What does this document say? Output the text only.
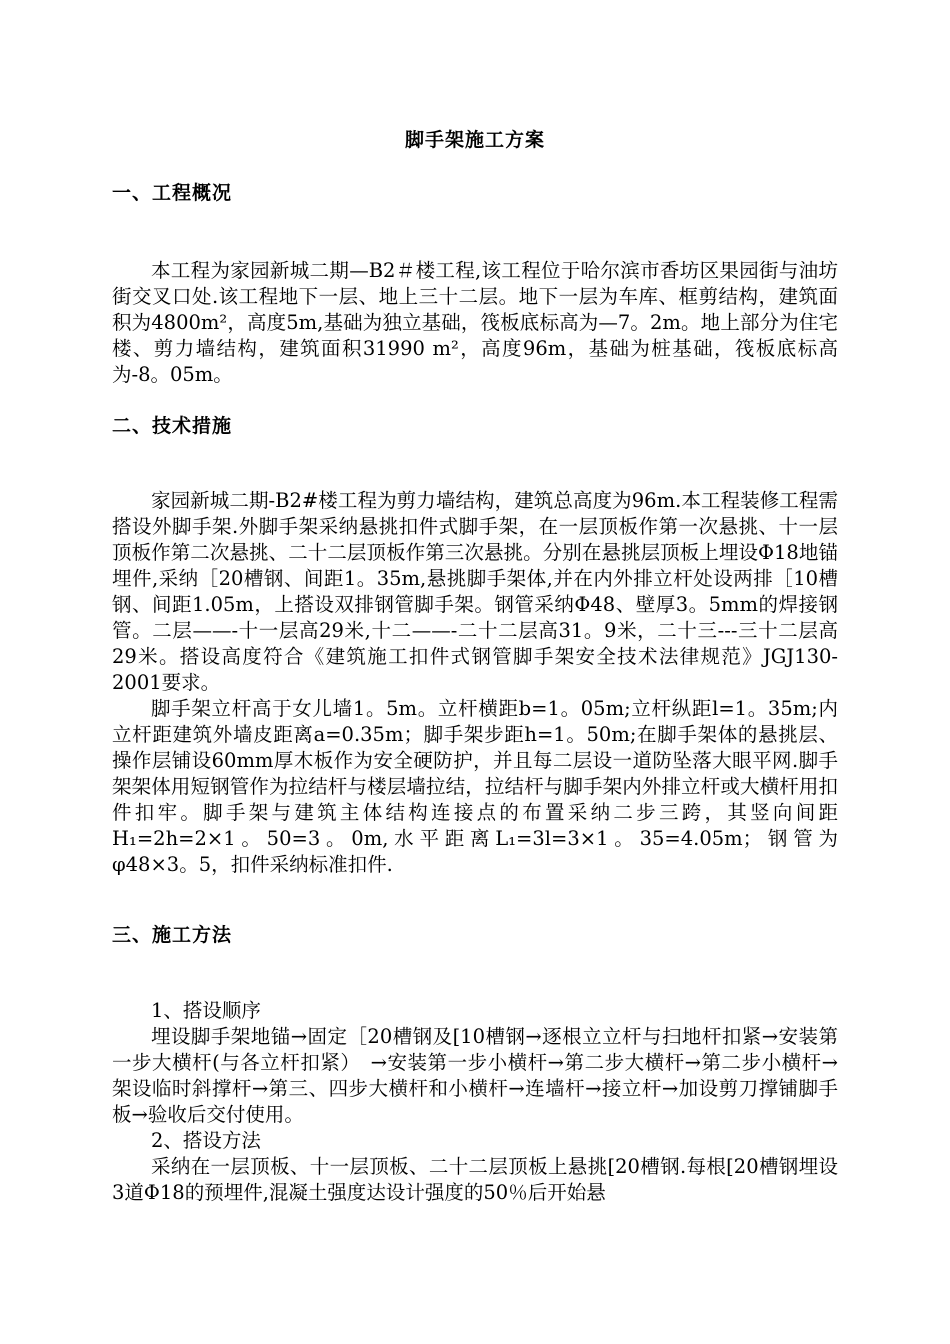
脚手架施工方案
一、工程概况

本工程为家园新城二期—B2＃楼工程,该工程位于哈尔滨市香坊区果园街与油坊街交叉口处.该工程地下一层、地上三十二层。地下一层为车库、框剪结构，建筑面积为4800m²，高度5m,基础为独立基础，筏板底标高为—7。2m。地上部分为住宅楼、剪力墙结构，建筑面积31990 m²，高度96m，基础为桩基础，筏板底标高为-8。05m。

二、技术措施

家园新城二期-B2#楼工程为剪力墙结构，建筑总高度为96m.本工程装修工程需搭设外脚手架.外脚手架采纳悬挑扣件式脚手架，在一层顶板作第一次悬挑、十一层顶板作第二次悬挑、二十二层顶板作第三次悬挑。分别在悬挑层顶板上埋设Φ18地锚埋件,采纳［20槽钢、间距1。35m,悬挑脚手架体,并在内外排立杆处设两排［10槽钢、间距1.05m，上搭设双排钢管脚手架。钢管采纳Φ48、壁厚3。5mm的焊接钢管。二层——-十一层高29米,十二——-二十二层高31。9米，二十三---三十二层高29米。搭设高度符合《建筑施工扣件式钢管脚手架安全技术法律规范》JGJ130-2001要求。

脚手架立杆高于女儿墙1。5m。立杆横距b=1。05m;立杆纵距l=1。35m;内立杆距建筑外墙皮距离a=0.35m；脚手架步距h=1。50m;在脚手架体的悬挑层、操作层铺设60mm厚木板作为安全硬防护，并且每二层设一道防坠落大眼平网.脚手架架体用短钢管作为拉结杆与楼层墙拉结，拉结杆与脚手架内外排立杆或大横杆用扣件扣牢。脚手架与建筑主体结构连接点的布置采纳二步三跨，其竖向间距H₁=2h=2×1。50=3。0m,水平距离L₁=3l=3×1。35=4.05m；钢管为φ48×3。5，扣件采纳标准扣件.

三、施工方法

1、搭设顺序

埋设脚手架地锚→固定［20槽钢及[10槽钢→逐根立立杆与扫地杆扣紧→安装第一步大横杆(与各立杆扣紧）　→安装第一步小横杆→第二步大横杆→第二步小横杆→架设临时斜撑杆→第三、四步大横杆和小横杆→连墙杆→接立杆→加设剪刀撑铺脚手板→验收后交付使用。

2、搭设方法

采纳在一层顶板、十一层顶板、二十二层顶板上悬挑[20槽钢.每根[20槽钢埋设3道Φ18的预埋件,混凝土强度达设计强度的50％后开始悬
